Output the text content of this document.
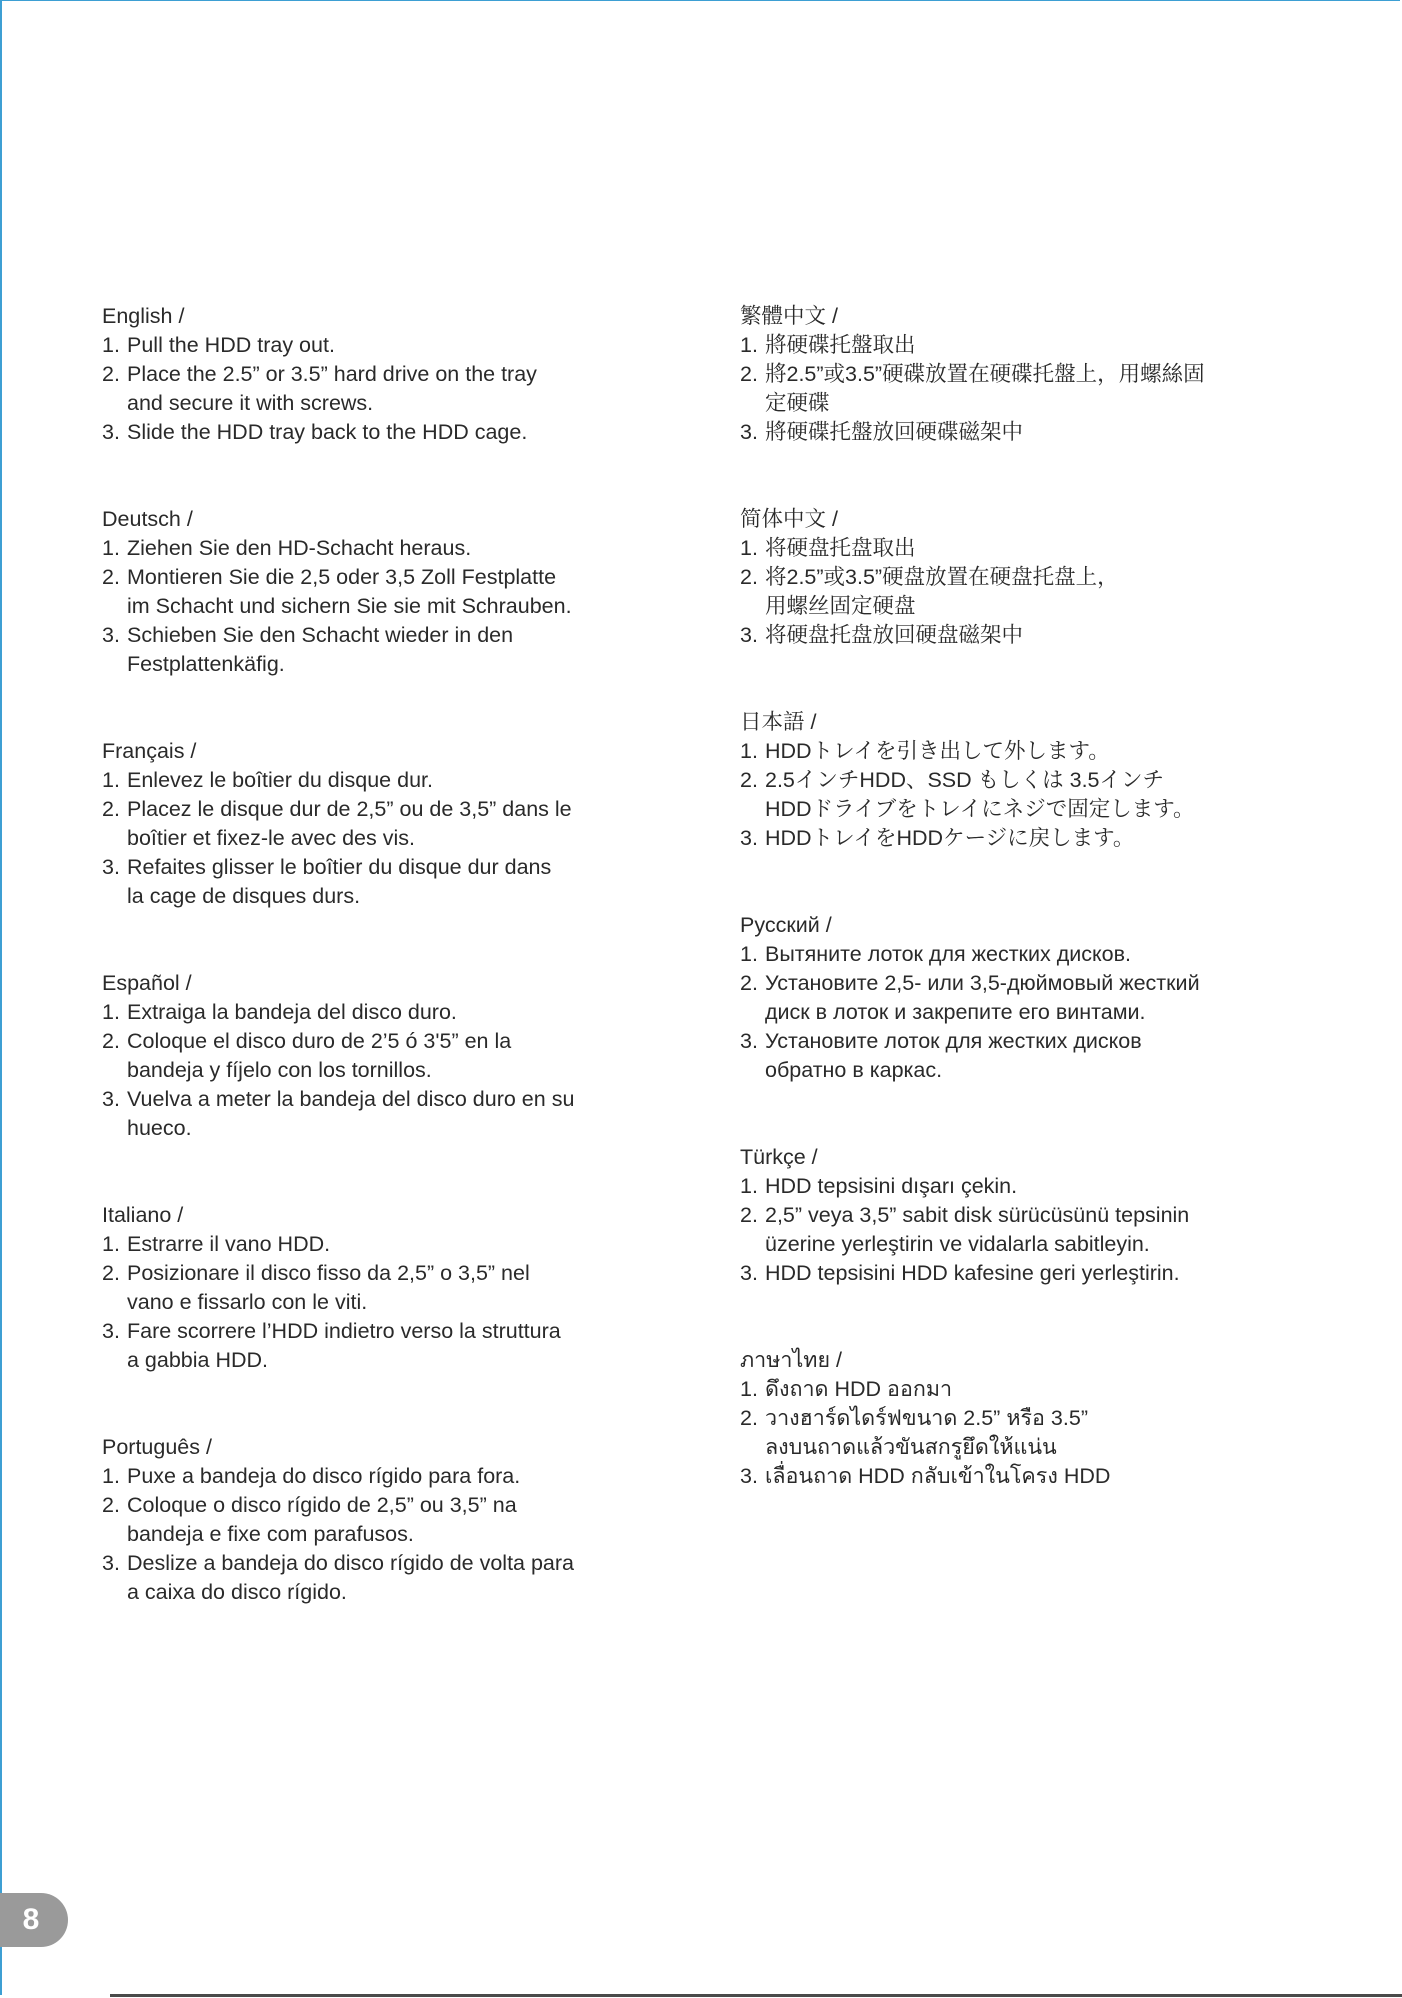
English /
1. Pull the HDD tray out.
2. Place the 2.5” or 3.5” hard drive on the tray
and secure it with screws.
3. Slide the HDD tray back to the HDD cage.
Deutsch /
1. Ziehen Sie den HD-Schacht heraus.
2. Montieren Sie die 2,5 oder 3,5 Zoll Festplatte
im Schacht und sichern Sie sie mit Schrauben.
3. Schieben Sie den Schacht wieder in den
Festplattenkäfig.
Français /
1. Enlevez le boîtier du disque dur.
2. Placez le disque dur de 2,5” ou de 3,5” dans le
boîtier et fixez-le avec des vis.
3. Refaites glisser le boîtier du disque dur dans
la cage de disques durs.
Español /
1. Extraiga la bandeja del disco duro.
2. Coloque el disco duro de 2’5 ó 3'5” en la
bandeja y fíjelo con los tornillos.
3. Vuelva a meter la bandeja del disco duro en su
hueco.
Italiano /
1. Estrarre il vano HDD.
2. Posizionare il disco fisso da 2,5” o 3,5” nel
vano e fissarlo con le viti.
3. Fare scorrere l’HDD indietro verso la struttura
a gabbia HDD.
Português /
1. Puxe a bandeja do disco rígido para fora.
2. Coloque o disco rígido de 2,5” ou 3,5” na
bandeja e fixe com parafusos.
3. Deslize a bandeja do disco rígido de volta para
a caixa do disco rígido.
繁體中文 /
1. 將硬碟托盤取出
2. 將2.5”或3.5”硬碟放置在硬碟托盤上，用螺絲固
定硬碟
3. 將硬碟托盤放回硬碟磁架中
简体中文 /
1. 将硬盘托盘取出
2. 将2.5”或3.5”硬盘放置在硬盘托盘上，
用螺丝固定硬盘
3. 将硬盘托盘放回硬盘磁架中
日本語 /
1. HDDトレイを引き出して外します。
2. 2.5インチHDD、SSD もしくは 3.5インチ
HDDドライブをトレイにネジで固定します。
3. HDDトレイをHDDケージに戻します。
Русский /
1. Вытяните лоток для жестких дисков.
2. Установите 2,5- или 3,5-дюймовый жесткий
диск в лоток и закрепите его винтами.
3. Установите лоток для жестких дисков
обратно в каркас.
Türkçe /
1. HDD tepsisini dışarı çekin.
2. 2,5” veya 3,5” sabit disk sürücüsünü tepsinin
üzerine yerleştirin ve vidalarla sabitleyin.
3. HDD tepsisini HDD kafesine geri yerleştirin.
ภาษาไทย /
1. ดึงถาด HDD ออกมา
2. วางฮาร์ดไดร์ฟขนาด 2.5” หรือ 3.5”
ลงบนถาดแล้วขันสกรูยึดให้แน่น
3. เลื่อนถาด HDD กลับเข้าในโครง HDD
8
